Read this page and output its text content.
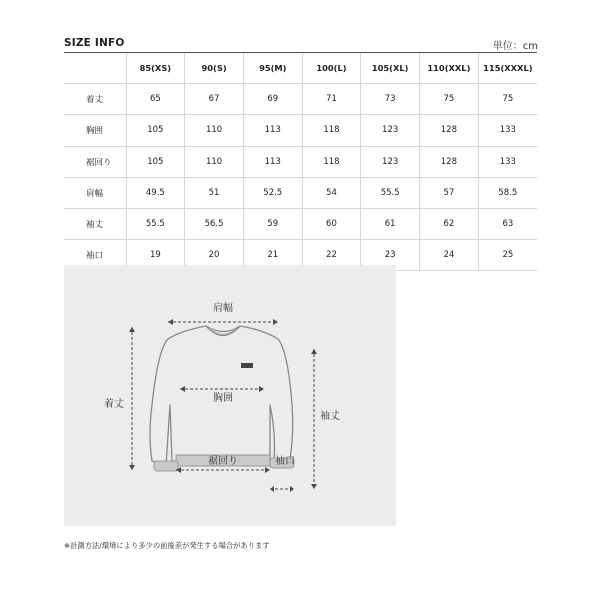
SIZE INFO	単位：cm
	85(XS)	90(S)	95(M)	100(L)	105(XL)	110(XXL)	115(XXXL)
着丈	65	67	69	71	73	75	75
胸囲	105	110	113	118	123	128	133
裾回り	105	110	113	118	123	128	133
肩幅	49.5	51	52.5	54	55.5	57	58.5
袖丈	55.5	56.5	59	60	61	62	63
袖口	19	20	21	22	23	24	25
肩幅
胸囲
裾回り
着丈
袖丈
袖口
※計測方法/環境により多少の前後差が発生する場合があります
